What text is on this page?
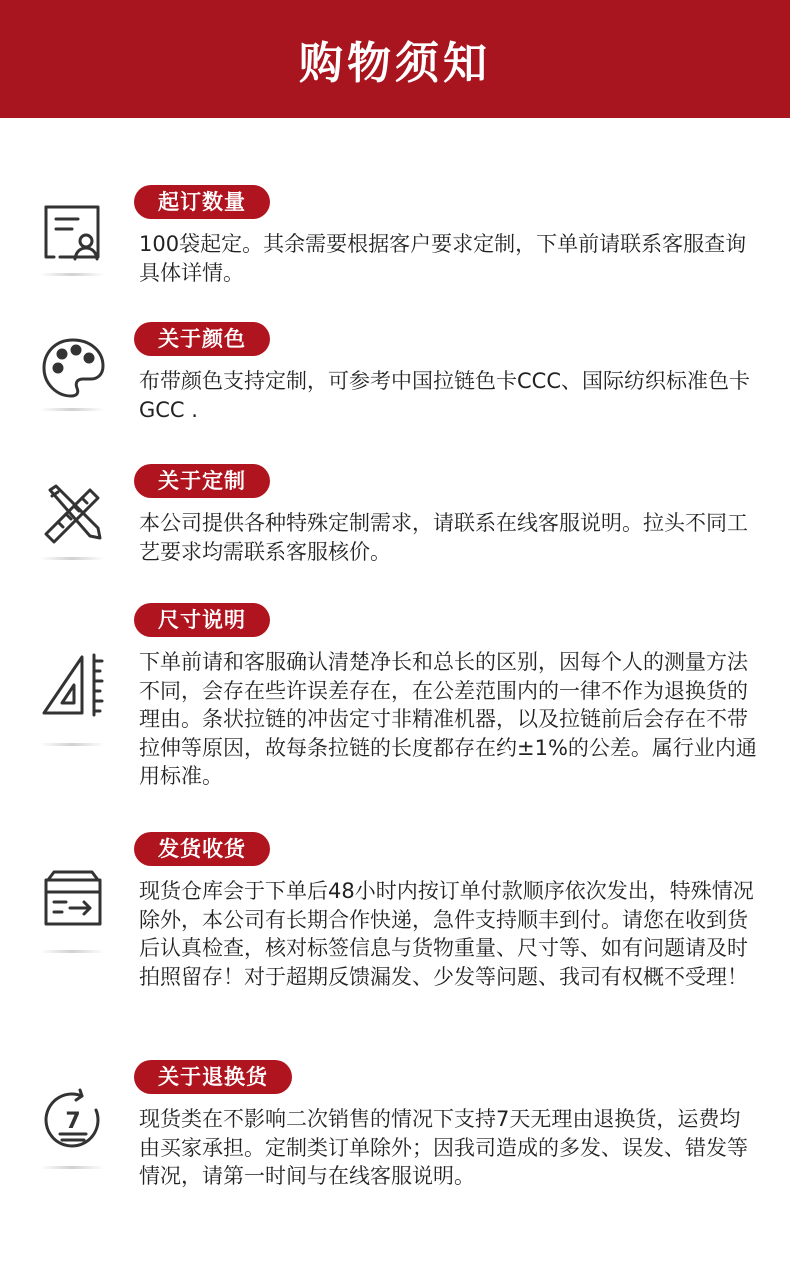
购物须知
起订数量

100袋起定。其余需要根据客户要求定制，下单前请联系客服查询具体详情。

关于颜色

布带颜色支持定制，可参考中国拉链色卡CCC、国际纺织标准色卡GCC .

关于定制

本公司提供各种特殊定制需求，请联系在线客服说明。拉头不同工艺要求均需联系客服核价。

尺寸说明

下单前请和客服确认清楚净长和总长的区别，因每个人的测量方法不同，会存在些许误差存在，在公差范围内的一律不作为退换货的理由。条状拉链的冲齿定寸非精准机器，以及拉链前后会存在不带拉伸等原因，故每条拉链的长度都存在约±1%的公差。属行业内通用标准。

发货收货

现货仓库会于下单后48小时内按订单付款顺序依次发出，特殊情况除外，本公司有长期合作快递，急件支持顺丰到付。请您在收到货后认真检查，核对标签信息与货物重量、尺寸等、如有问题请及时拍照留存！对于超期反馈漏发、少发等问题、我司有权概不受理！

关于退换货
7	现货类在不影响二次销售的情况下支持7天无理由退换货，运费均由买家承担。定制类订单除外；因我司造成的多发、误发、错发等情况，请第一时间与在线客服说明。
